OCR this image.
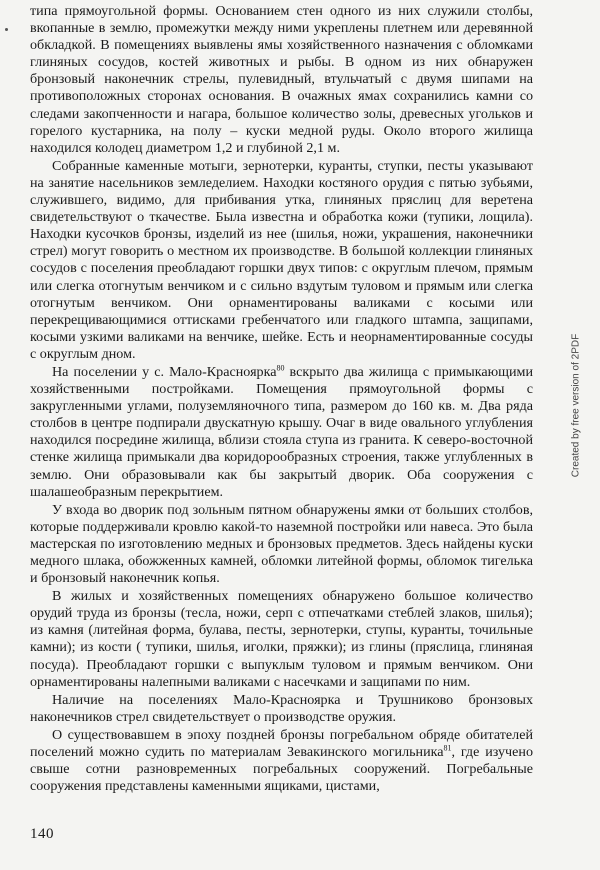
типа прямоугольной формы. Основанием стен одного из них служили столбы, вкопанные в землю, промежутки между ними укреплены плетнем или деревянной обкладкой. В помещениях выявлены ямы хозяйственного назначения с обломками глиняных сосудов, костей животных и рыбы. В одном из них обнаружен бронзовый наконечник стрелы, пулевидный, втульчатый с двумя шипами на противоположных сторонах основания. В очажных ямах сохранились камни со следами закопченности и нагара, большое количество золы, древесных угольков и горелого кустарника, на полу – куски медной руды. Около второго жилища находился колодец диаметром 1,2 и глубиной 2,1 м.

Собранные каменные мотыги, зернотерки, куранты, ступки, песты указывают на занятие насельников земледелием. Находки костяного орудия с пятью зубьями, служившего, видимо, для прибивания утка, глиняных пряслиц для веретена свидетельствуют о ткачестве. Была известна и обработка кожи (тупики, лощила). Находки кусочков бронзы, изделий из нее (шилья, ножи, украшения, наконечники стрел) могут говорить о местном их производстве. В большой коллекции глиняных сосудов с поселения преобладают горшки двух типов: с округлым плечом, прямым или слегка отогнутым венчиком и с сильно вздутым туловом и прямым или слегка отогнутым венчиком. Они орнаментированы валиками с косыми или перекрещивающимися оттисками гребенчатого или гладкого штампа, защипами, косыми узкими валиками на венчике, шейке. Есть и неорнаментированные сосуды с округлым дном.

На поселении у с. Мало-Красноярка$^{80}$ вскрыто два жилища с примыкающими хозяйственными постройками. Помещения прямоугольной формы с закругленными углами, полуземляночного типа, размером до 160 кв. м. Два ряда столбов в центре подпирали двускатную крышу. Очаг в виде овального углубления находился посредине жилища, вблизи стояла ступа из гранита. К северо-восточной стенке жилища примыкали два коридорообразных строения, также углубленных в землю. Они образовывали как бы закрытый дворик. Оба сооружения с шалашеобразным перекрытием.

У входа во дворик под зольным пятном обнаружены ямки от больших столбов, которые поддерживали кровлю какой-то наземной постройки или навеса. Это была мастерская по изготовлению медных и бронзовых предметов. Здесь найдены куски медного шлака, обожженных камней, обломки литейной формы, обломок тигелька и бронзовый наконечник копья.

В жилых и хозяйственных помещениях обнаружено большое количество орудий труда из бронзы (тесла, ножи, серп с отпечатками стеблей злаков, шилья); из камня (литейная форма, булава, песты, зернотерки, ступы, куранты, точильные камни); из кости ( тупики, шилья, иголки, пряжки); из глины (пряслица, глиняная посуда). Преобладают горшки с выпуклым туловом и прямым венчиком. Они орнаментированы налепными валиками с насечками и защипами по ним.

Наличие на поселениях Мало-Красноярка и Трушниково бронзовых наконечников стрел свидетельствует о производстве оружия.

О существовавшем в эпоху поздней бронзы погребальном обряде обитателей поселений можно судить по материалам Зевакинского могильника$^{81}$, где изучено свыше сотни разновременных погребальных сооружений. Погребальные сооружения представлены каменными ящиками, цистами,

140
Created by free version of 2PDF
